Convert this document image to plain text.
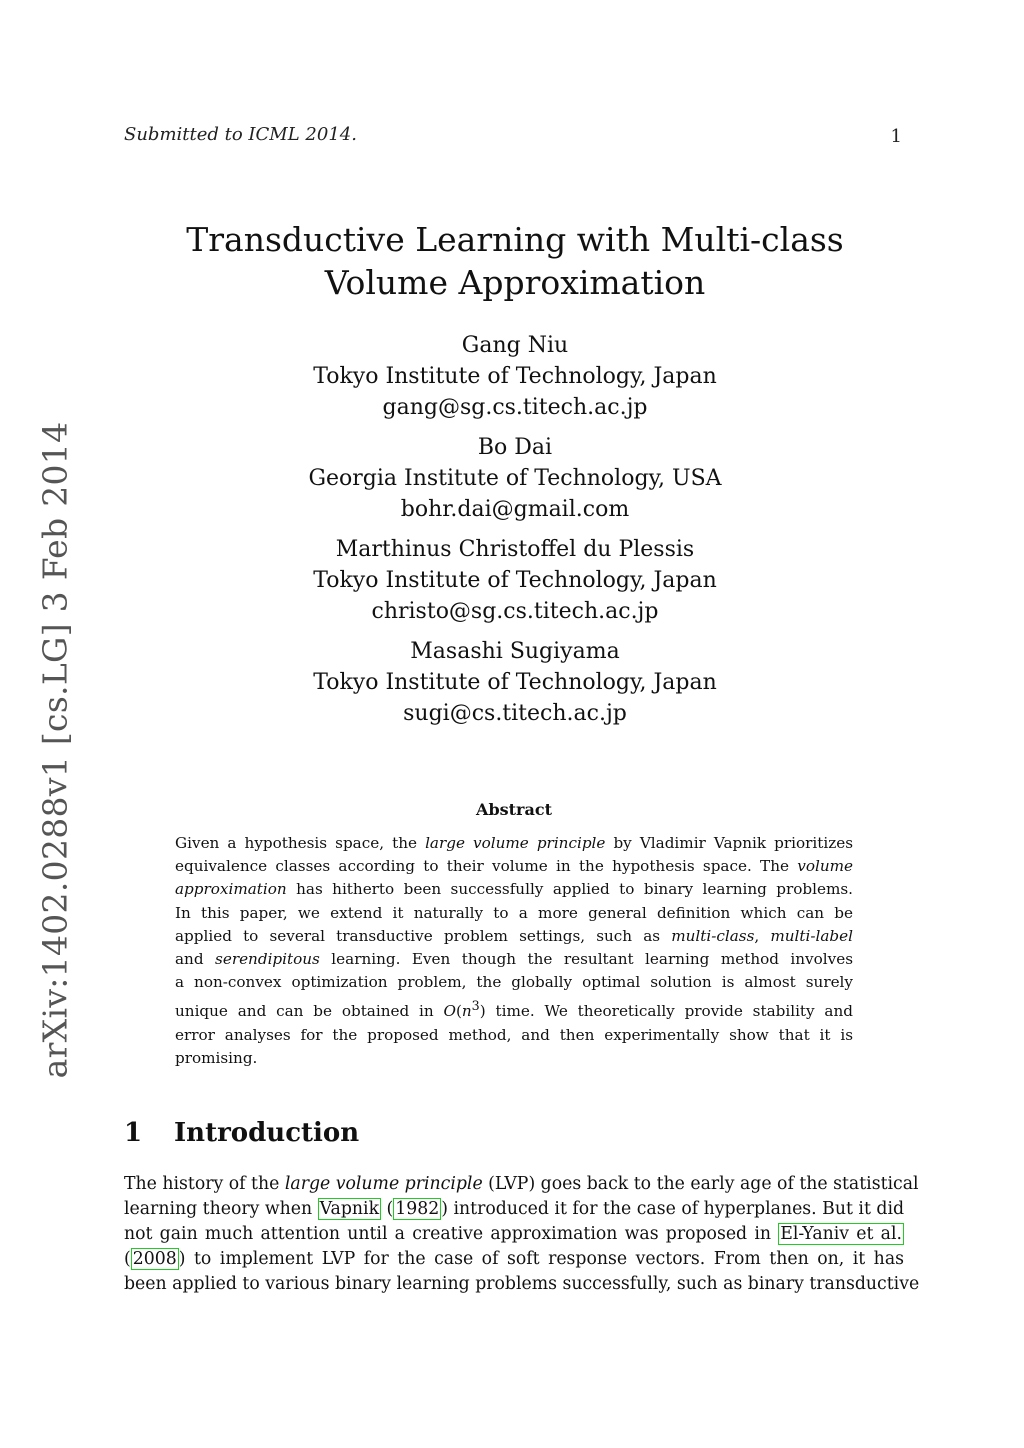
Submitted to ICML 2014.	1
arXiv:1402.0288v1 [cs.LG] 3 Feb 2014
Transductive Learning with Multi-class
Volume Approximation
Gang Niu
Tokyo Institute of Technology, Japan
gang@sg.cs.titech.ac.jp
Bo Dai
Georgia Institute of Technology, USA
bohr.dai@gmail.com
Marthinus Christoffel du Plessis
Tokyo Institute of Technology, Japan
christo@sg.cs.titech.ac.jp
Masashi Sugiyama
Tokyo Institute of Technology, Japan
sugi@cs.titech.ac.jp
Abstract
Given a hypothesis space, the large volume principle by Vladimir Vapnik prioritizes
equivalence classes according to their volume in the hypothesis space. The volume
approximation has hitherto been successfully applied to binary learning problems.
In this paper, we extend it naturally to a more general definition which can be
applied to several transductive problem settings, such as multi-class, multi-label
and serendipitous learning. Even though the resultant learning method involves
a non-convex optimization problem, the globally optimal solution is almost surely
unique and can be obtained in $O(n^3)$ time. We theoretically provide stability and
error analyses for the proposed method, and then experimentally show that it is
promising.
1 Introduction
The history of the large volume principle (LVP) goes back to the early age of the statistical
learning theory when Vapnik ( 1982 ) introduced it for the case of hyperplanes. But it did
not gain much attention until a creative approximation was proposed in El-Yaniv et al.
( 2008 ) to implement LVP for the case of soft response vectors. From then on, it has
been applied to various binary learning problems successfully, such as binary transductive
